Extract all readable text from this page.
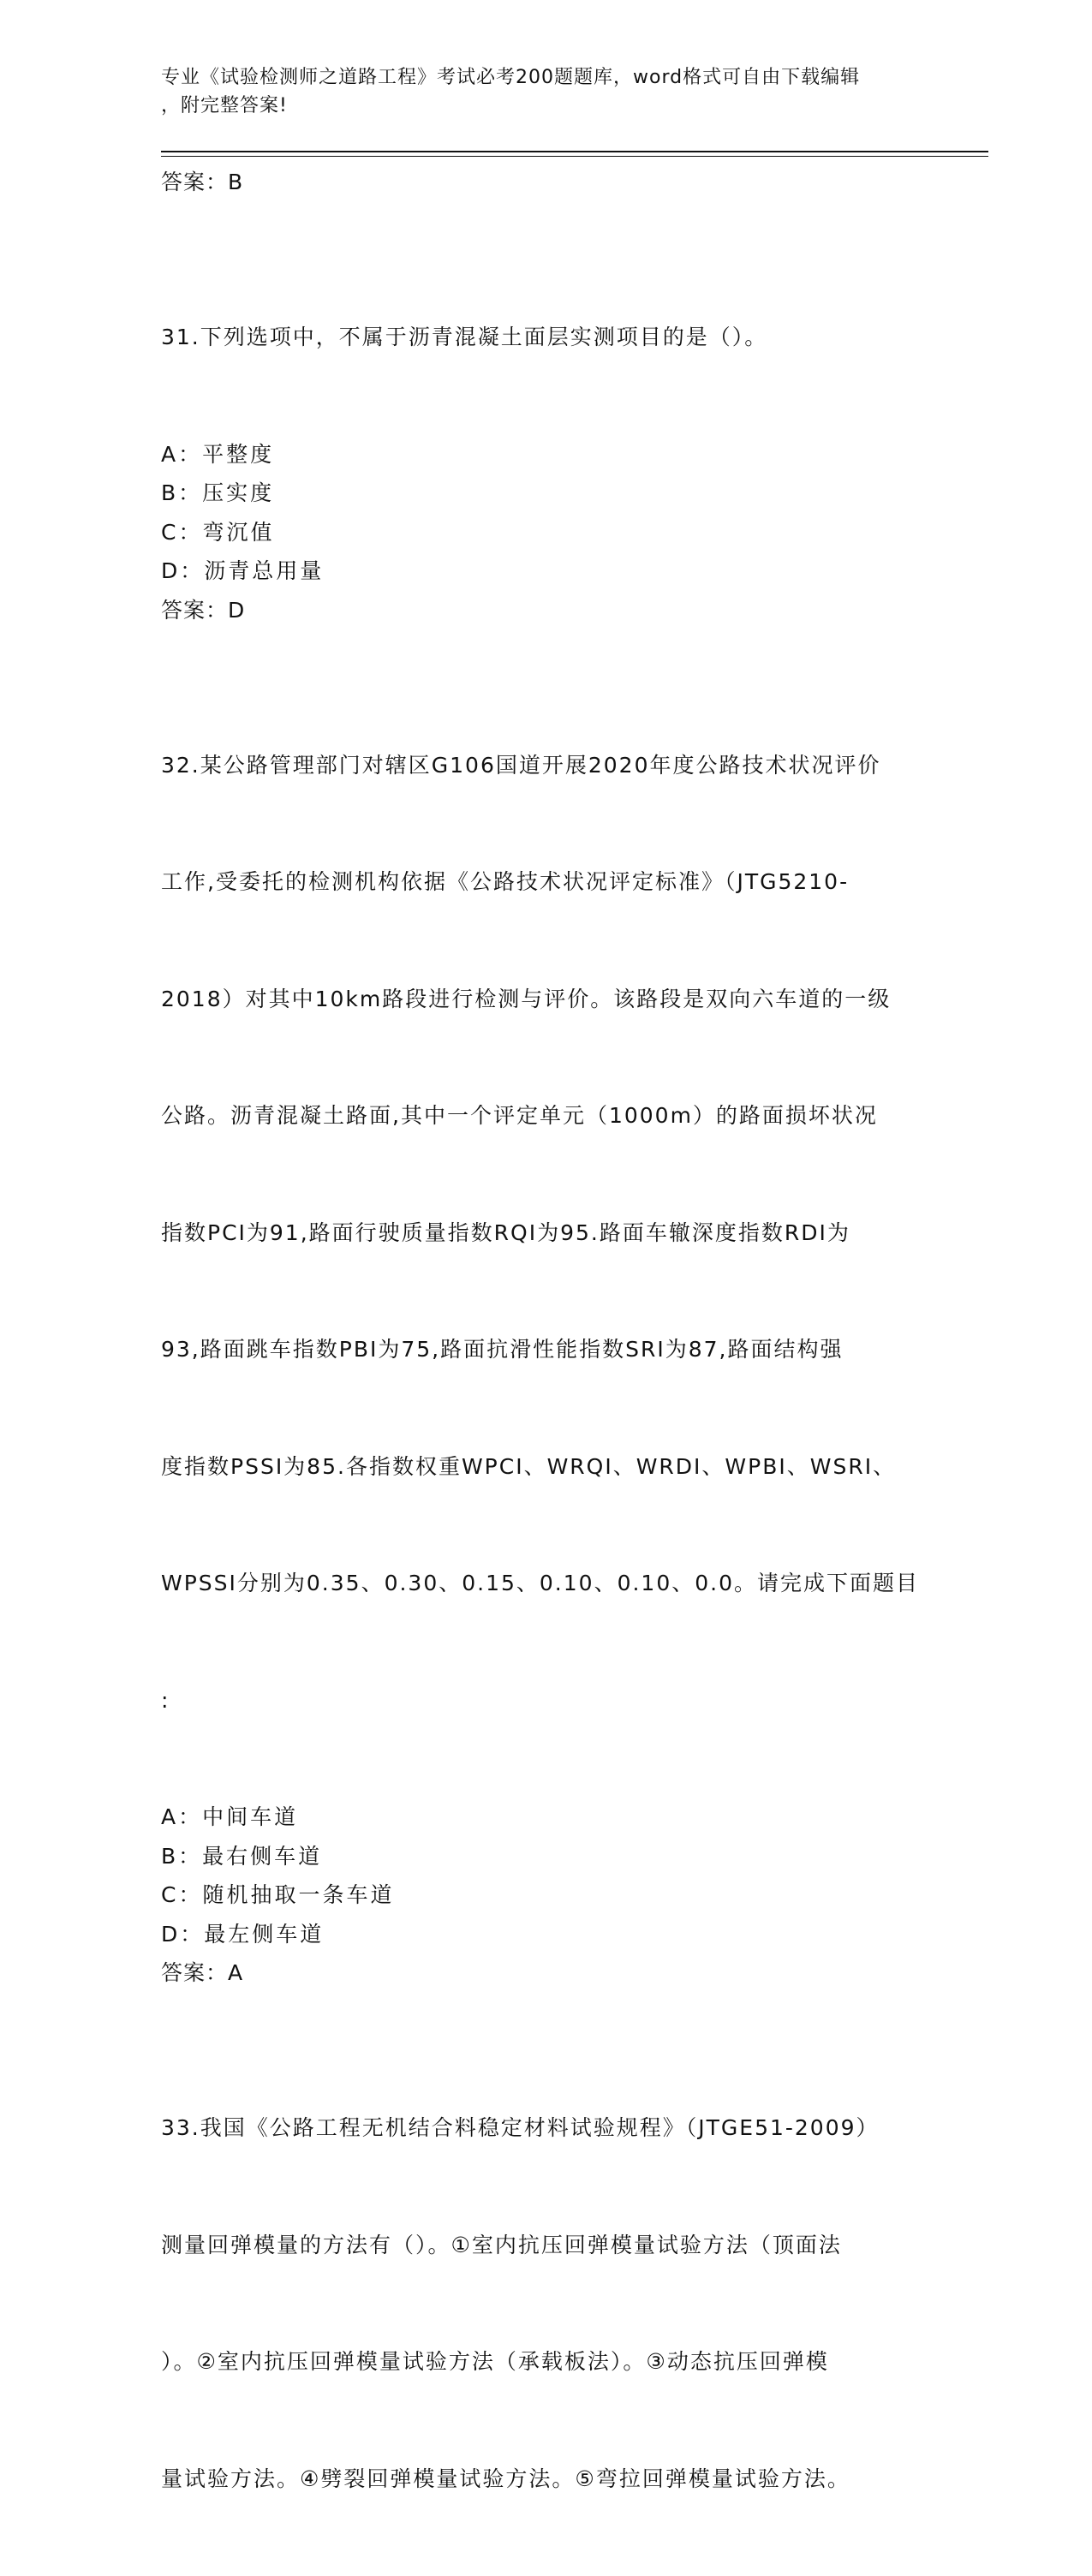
专业《试验检测师之道路工程》考试必考200题题库，word格式可自由下载编辑
，附完整答案!
答案：B

31.下列选项中，不属于沥青混凝土面层实测项目的是（）。

A：平整度
B：压实度
C：弯沉值
D：沥青总用量
答案：D

32.某公路管理部门对辖区G106国道开展2020年度公路技术状况评价

工作,受委托的检测机构依据《公路技术状况评定标准》（JTG5210-

2018）对其中10km路段进行检测与评价。该路段是双向六车道的一级

公路。沥青混凝土路面,其中一个评定单元（1000m）的路面损坏状况

指数PCI为91,路面行驶质量指数RQI为95.路面车辙深度指数RDI为

93,路面跳车指数PBI为75,路面抗滑性能指数SRI为87,路面结构强

度指数PSSI为85.各指数权重WPCI、WRQI、WRDI、WPBI、WSRI、

WPSSI分别为0.35、0.30、0.15、0.10、0.10、0.0。请完成下面题目

:

A：中间车道
B：最右侧车道
C：随机抽取一条车道
D：最左侧车道
答案：A

33.我国《公路工程无机结合料稳定材料试验规程》（JTGE51-2009）

测量回弹模量的方法有（）。①室内抗压回弹模量试验方法（顶面法

）。②室内抗压回弹模量试验方法（承载板法）。③动态抗压回弹模

量试验方法。④劈裂回弹模量试验方法。⑤弯拉回弹模量试验方法。
